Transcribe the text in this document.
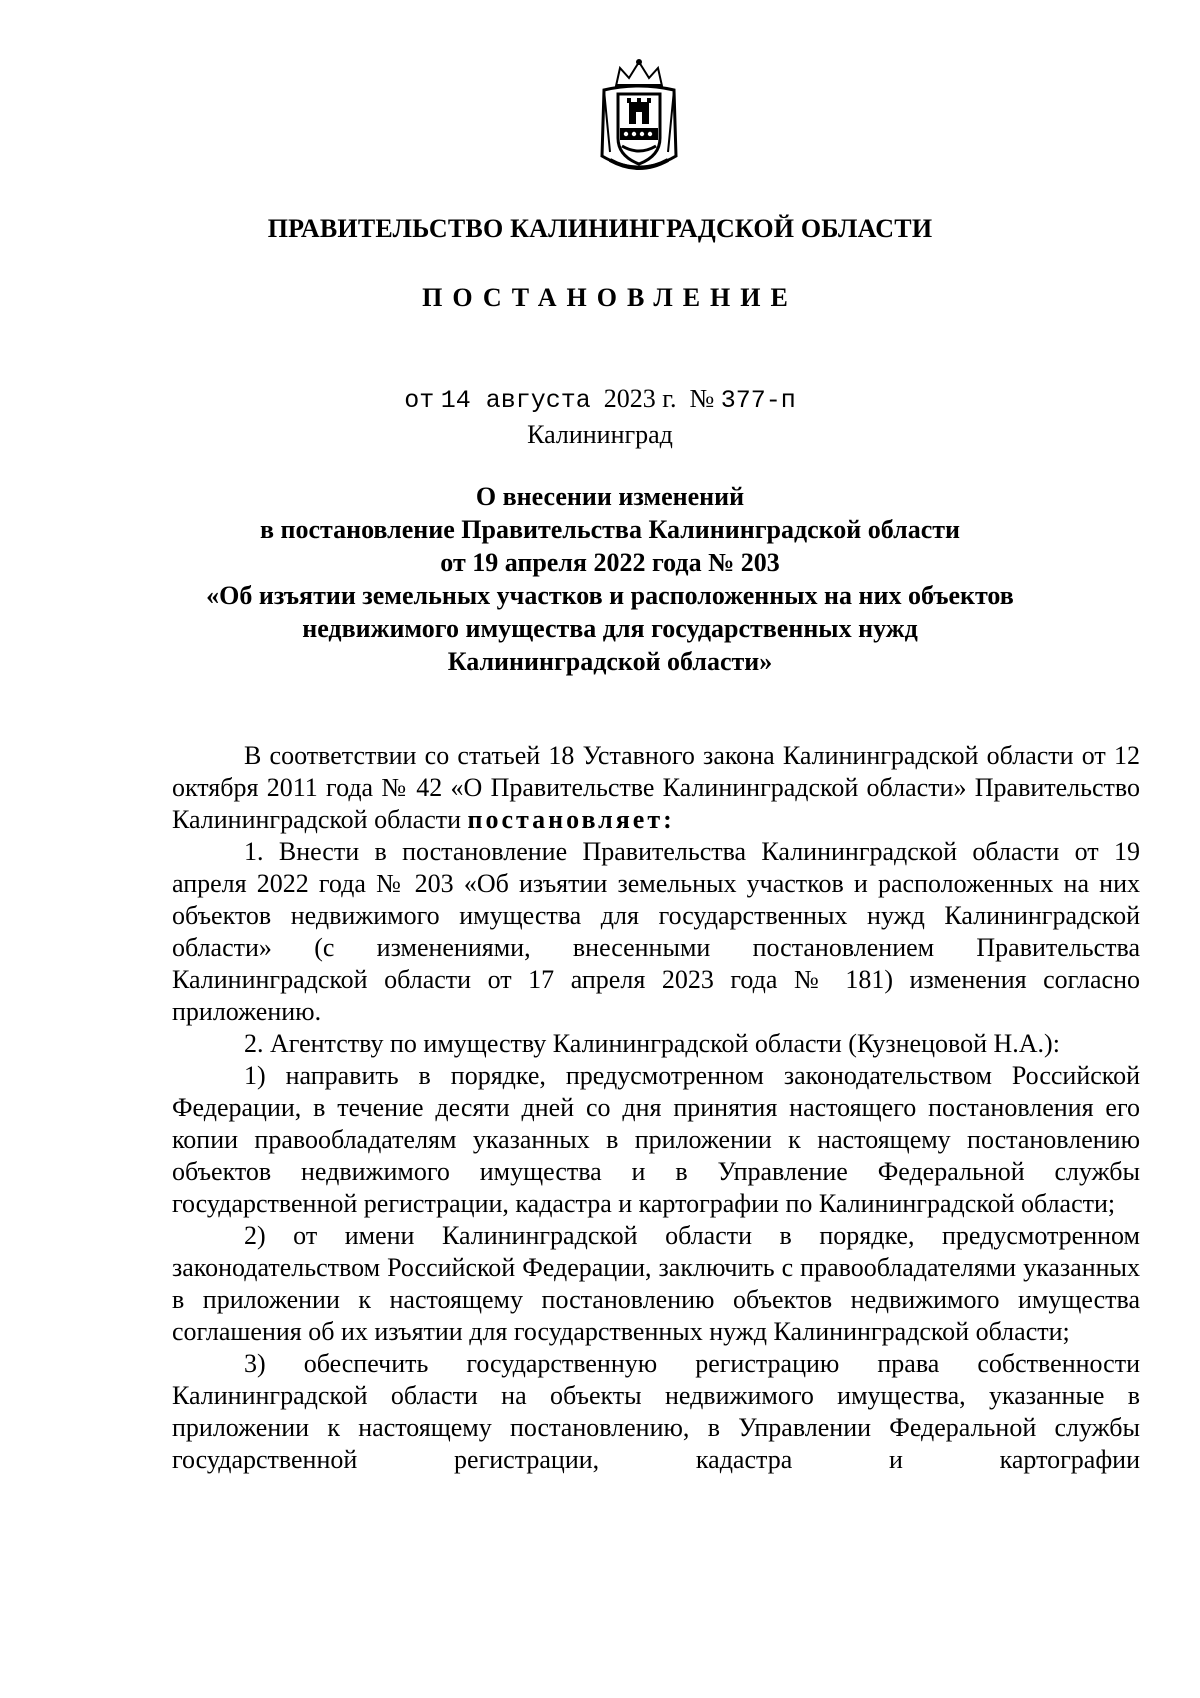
ПРАВИТЕЛЬСТВО КАЛИНИНГРАДСКОЙ ОБЛАСТИ
ПОСТАНОВЛЕНИЕ
от 14 августа 2023 г. № 377-п
Калининград
О внесении изменений
в постановление Правительства Калининградской области
от 19 апреля 2022 года № 203
«Об изъятии земельных участков и расположенных на них объектов
недвижимого имущества для государственных нужд
Калининградской области»

В соответствии со статьей 18 Уставного закона Калининградской области от 12 октября 2011 года № 42 «О Правительстве Калининградской области» Правительство Калининградской области постановляет:

1. Внести в постановление Правительства Калининградской области от 19 апреля 2022 года № 203 «Об изъятии земельных участков и расположенных на них объектов недвижимого имущества для государственных нужд Калининградской области» (с изменениями, внесенными постановлением Правительства Калининградской области от 17 апреля 2023 года № 181) изменения согласно приложению.

2. Агентству по имуществу Калининградской области (Кузнецовой Н.А.):

1) направить в порядке, предусмотренном законодательством Российской Федерации, в течение десяти дней со дня принятия настоящего постановления его копии правообладателям указанных в приложении к настоящему постановлению объектов недвижимого имущества и в Управление Федеральной службы государственной регистрации, кадастра и картографии по Калининградской области;

2) от имени Калининградской области в порядке, предусмотренном законодательством Российской Федерации, заключить с правообладателями указанных в приложении к настоящему постановлению объектов недвижимого имущества соглашения об их изъятии для государственных нужд Калининградской области;

3) обеспечить государственную регистрацию права собственности Калининградской области на объекты недвижимого имущества, указанные в приложении к настоящему постановлению, в Управлении Федеральной службы государственной регистрации, кадастра и картографии
